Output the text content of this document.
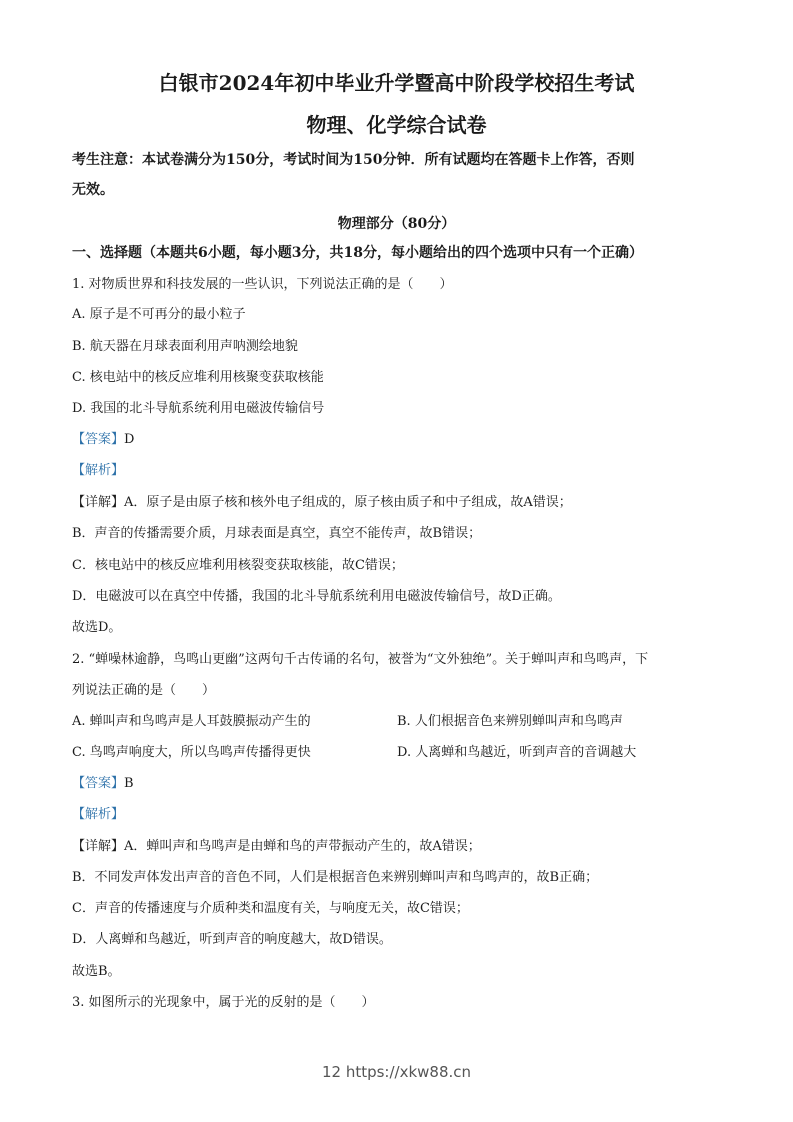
白银市2024年初中毕业升学暨高中阶段学校招生考试
物理、化学综合试卷
考生注意：本试卷满分为150分，考试时间为150分钟．所有试题均在答题卡上作答，否则
无效。
物理部分（80分）
一、选择题（本题共6小题，每小题3分，共18分，每小题给出的四个选项中只有一个正确）
1. 对物质世界和科技发展的一些认识，下列说法正确的是（　　）
A. 原子是不可再分的最小粒子
B. 航天器在月球表面利用声呐测绘地貌
C. 核电站中的核反应堆利用核聚变获取核能
D. 我国的北斗导航系统利用电磁波传输信号
【答案】D
【解析】
【详解】A．原子是由原子核和核外电子组成的，原子核由质子和中子组成，故A错误；
B．声音的传播需要介质，月球表面是真空，真空不能传声，故B错误；
C．核电站中的核反应堆利用核裂变获取核能，故C错误；
D．电磁波可以在真空中传播，我国的北斗导航系统利用电磁波传输信号，故D正确。
故选D。
2. “蝉噪林逾静，鸟鸣山更幽”这两句千古传诵的名句，被誉为“文外独绝”。关于蝉叫声和鸟鸣声，下
列说法正确的是（　　）
A. 蝉叫声和鸟鸣声是人耳鼓膜振动产生的	B. 人们根据音色来辨别蝉叫声和鸟鸣声
C. 鸟鸣声响度大，所以鸟鸣声传播得更快	D. 人离蝉和鸟越近，听到声音的音调越大
【答案】B
【解析】
【详解】A．蝉叫声和鸟鸣声是由蝉和鸟的声带振动产生的，故A错误；
B．不同发声体发出声音的音色不同，人们是根据音色来辨别蝉叫声和鸟鸣声的，故B正确；
C．声音的传播速度与介质种类和温度有关，与响度无关，故C错误；
D．人离蝉和鸟越近，听到声音的响度越大，故D错误。
故选B。
3. 如图所示的光现象中，属于光的反射的是（　　）
12 https://xkw88.cn
